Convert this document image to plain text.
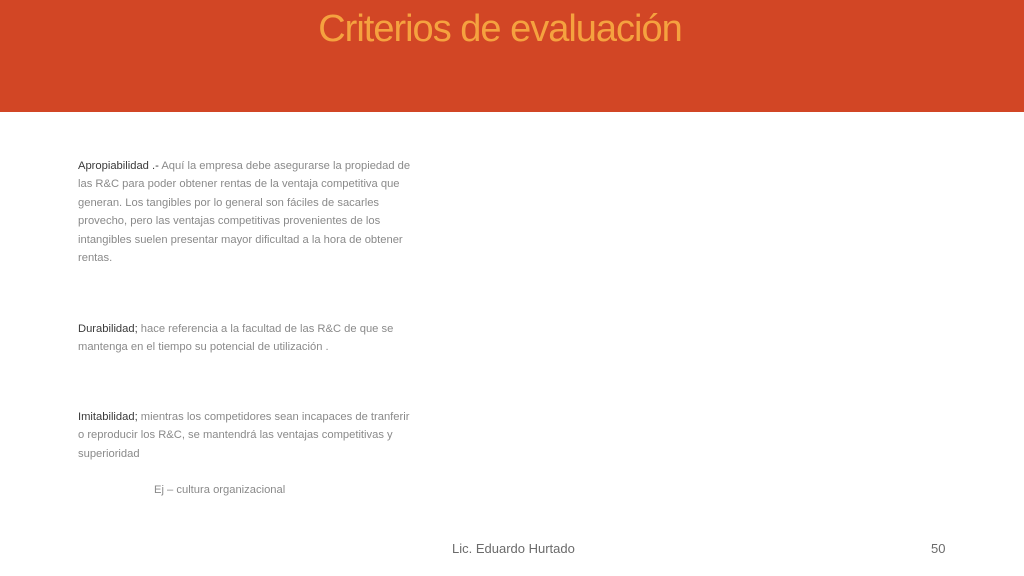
Criterios de evaluación

Apropiabilidad .- Aquí la empresa debe asegurarse la propiedad de las R&C para poder obtener rentas de la ventaja competitiva que generan. Los tangibles por lo general son fáciles de sacarles provecho, pero las ventajas competitivas provenientes de los intangibles suelen presentar mayor dificultad a la hora de obtener rentas.

Durabilidad; hace referencia a la facultad de las R&C de que se mantenga en el tiempo su potencial de utilización .

Imitabilidad; mientras los competidores sean incapaces de tranferir o reproducir los R&C, se mantendrá las ventajas competitivas y superioridad

Ej – cultura organizacional

Lic. Eduardo Hurtado	50
